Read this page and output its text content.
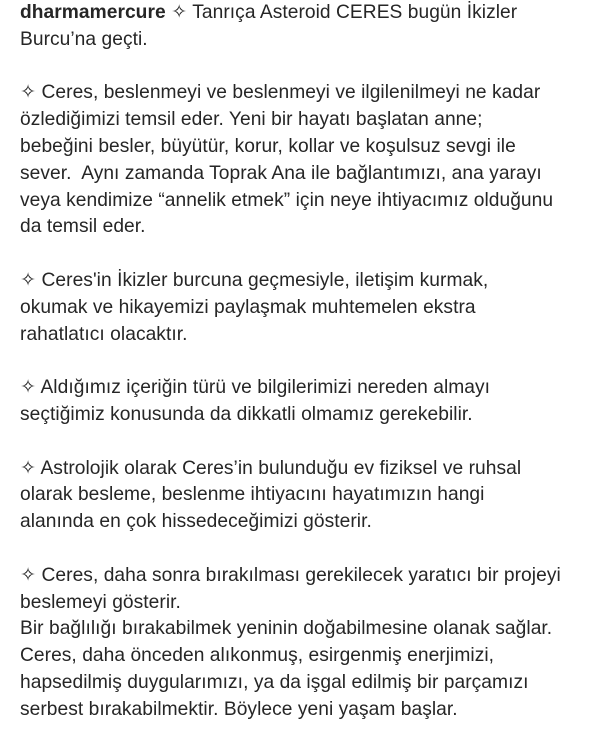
dharmamercure ✧ Tanrıça Asteroid CERES bugün İkizler
Burcu’na geçti.
✧ Ceres, beslenmeyi ve beslenmeyi ve ilgilenilmeyi ne kadar
özlediğimizi temsil eder. Yeni bir hayatı başlatan anne;
bebeğini besler, büyütür, korur, kollar ve koşulsuz sevgi ile
sever.  Aynı zamanda Toprak Ana ile bağlantımızı, ana yarayı
veya kendimize “annelik etmek” için neye ihtiyacımız olduğunu
da temsil eder.
✧ Ceres'in İkizler burcuna geçmesiyle, iletişim kurmak,
okumak ve hikayemizi paylaşmak muhtemelen ekstra
rahatlatıcı olacaktır.
✧ Aldığımız içeriğin türü ve bilgilerimizi nereden almayı
seçtiğimiz konusunda da dikkatli olmamız gerekebilir.
✧ Astrolojik olarak Ceres’in bulunduğu ev fiziksel ve ruhsal
olarak besleme, beslenme ihtiyacını hayatımızın hangi
alanında en çok hissedeceğimizi gösterir.
✧ Ceres, daha sonra bırakılması gerekilecek yaratıcı bir projeyi
beslemeyi gösterir.
Bir bağlılığı bırakabilmek yeninin doğabilmesine olanak sağlar.
Ceres, daha önceden alıkonmuş, esirgenmiş enerjimizi,
hapsedilmiş duygularımızı, ya da işgal edilmiş bir parçamızı
serbest bırakabilmektir. Böylece yeni yaşam başlar.
